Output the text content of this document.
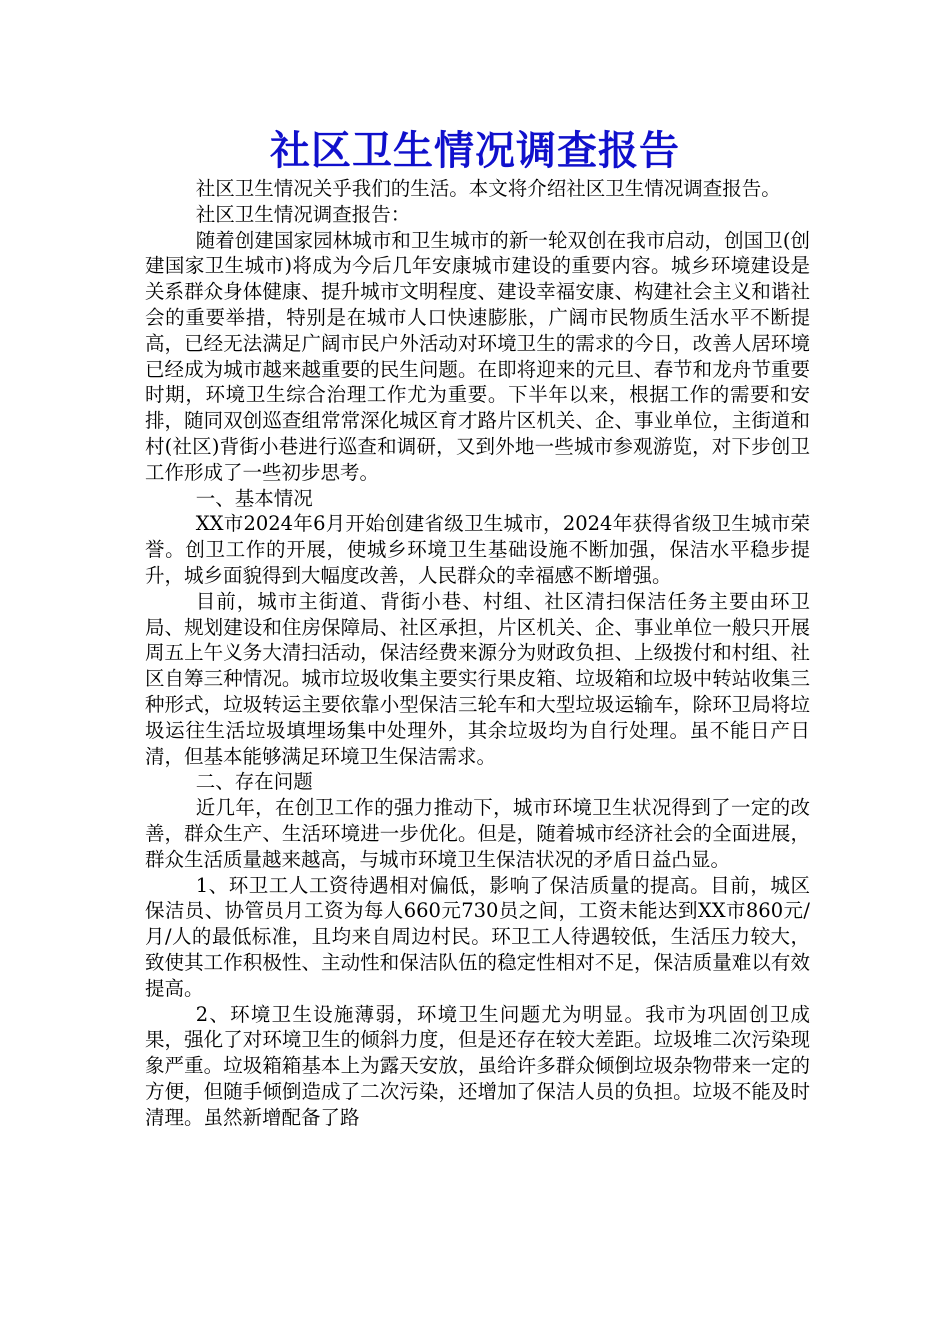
社区卫生情况调查报告

社区卫生情况关乎我们的生活。本文将介绍社区卫生情况调查报告。

社区卫生情况调查报告：

随着创建国家园林城市和卫生城市的新一轮双创在我市启动，创国卫(创建国家卫生城市)将成为今后几年安康城市建设的重要内容。城乡环境建设是关系群众身体健康、提升城市文明程度、建设幸福安康、构建社会主义和谐社会的重要举措，特别是在城市人口快速膨胀，广阔市民物质生活水平不断提高，已经无法满足广阔市民户外活动对环境卫生的需求的今日，改善人居环境已经成为城市越来越重要的民生问题。在即将迎来的元旦、春节和龙舟节重要时期，环境卫生综合治理工作尤为重要。下半年以来，根据工作的需要和安排，随同双创巡查组常常深化城区育才路片区机关、企、事业单位，主街道和村(社区)背街小巷进行巡查和调研，又到外地一些城市参观游览，对下步创卫工作形成了一些初步思考。

一、基本情况

XX市2024年6月开始创建省级卫生城市，2024年获得省级卫生城市荣誉。创卫工作的开展，使城乡环境卫生基础设施不断加强，保洁水平稳步提升，城乡面貌得到大幅度改善，人民群众的幸福感不断增强。

目前，城市主街道、背街小巷、村组、社区清扫保洁任务主要由环卫局、规划建设和住房保障局、社区承担，片区机关、企、事业单位一般只开展周五上午义务大清扫活动，保洁经费来源分为财政负担、上级拨付和村组、社区自筹三种情况。城市垃圾收集主要实行果皮箱、垃圾箱和垃圾中转站收集三种形式，垃圾转运主要依靠小型保洁三轮车和大型垃圾运输车，除环卫局将垃圾运往生活垃圾填埋场集中处理外，其余垃圾均为自行处理。虽不能日产日清，但基本能够满足环境卫生保洁需求。

二、存在问题

近几年，在创卫工作的强力推动下，城市环境卫生状况得到了一定的改善，群众生产、生活环境进一步优化。但是，随着城市经济社会的全面进展，群众生活质量越来越高，与城市环境卫生保洁状况的矛盾日益凸显。

1、环卫工人工资待遇相对偏低，影响了保洁质量的提高。目前，城区保洁员、协管员月工资为每人660元730员之间，工资未能达到XX市860元/月/人的最低标准，且均来自周边村民。环卫工人待遇较低，生活压力较大，致使其工作积极性、主动性和保洁队伍的稳定性相对不足，保洁质量难以有效提高。

2、环境卫生设施薄弱，环境卫生问题尤为明显。我市为巩固创卫成果，强化了对环境卫生的倾斜力度，但是还存在较大差距。垃圾堆二次污染现象严重。垃圾箱箱基本上为露天安放，虽给许多群众倾倒垃圾杂物带来一定的方便，但随手倾倒造成了二次污染，还增加了保洁人员的负担。垃圾不能及时清理。虽然新增配备了路
